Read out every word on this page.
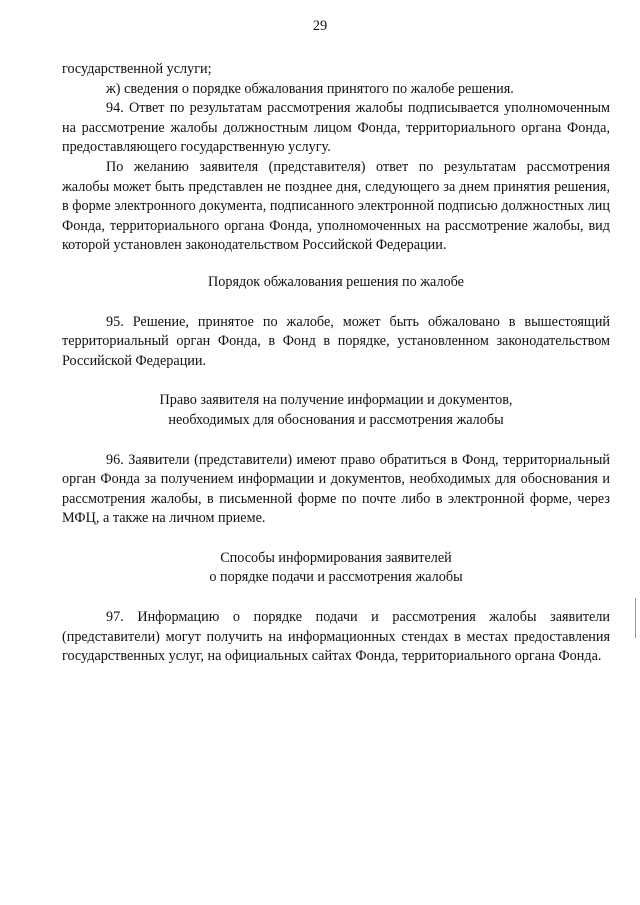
29

государственной услуги;

ж) сведения о порядке обжалования принятого по жалобе решения.

94. Ответ по результатам рассмотрения жалобы подписывается уполномоченным на рассмотрение жалобы должностным лицом Фонда, территориального органа Фонда, предоставляющего государственную услугу.

По желанию заявителя (представителя) ответ по результатам рассмотрения жалобы может быть представлен не позднее дня, следующего за днем принятия решения, в форме электронного документа, подписанного электронной подписью должностных лиц Фонда, территориального органа Фонда, уполномоченных на рассмотрение жалобы, вид которой установлен законодательством Российской Федерации.

Порядок обжалования решения по жалобе

95. Решение, принятое по жалобе, может быть обжаловано в вышестоящий территориальный орган Фонда, в Фонд в порядке, установленном законодательством Российской Федерации.

Право заявителя на получение информации и документов,
необходимых для обоснования и рассмотрения жалобы

96. Заявители (представители) имеют право обратиться в Фонд, территориальный орган Фонда за получением информации и документов, необходимых для обоснования и рассмотрения жалобы, в письменной форме по почте либо в электронной форме, через МФЦ, а также на личном приеме.

Способы информирования заявителей
о порядке подачи и рассмотрения жалобы

97. Информацию о порядке подачи и рассмотрения жалобы заявители (представители) могут получить на информационных стендах в местах предоставления государственных услуг, на официальных сайтах Фонда, территориального органа Фонда.
